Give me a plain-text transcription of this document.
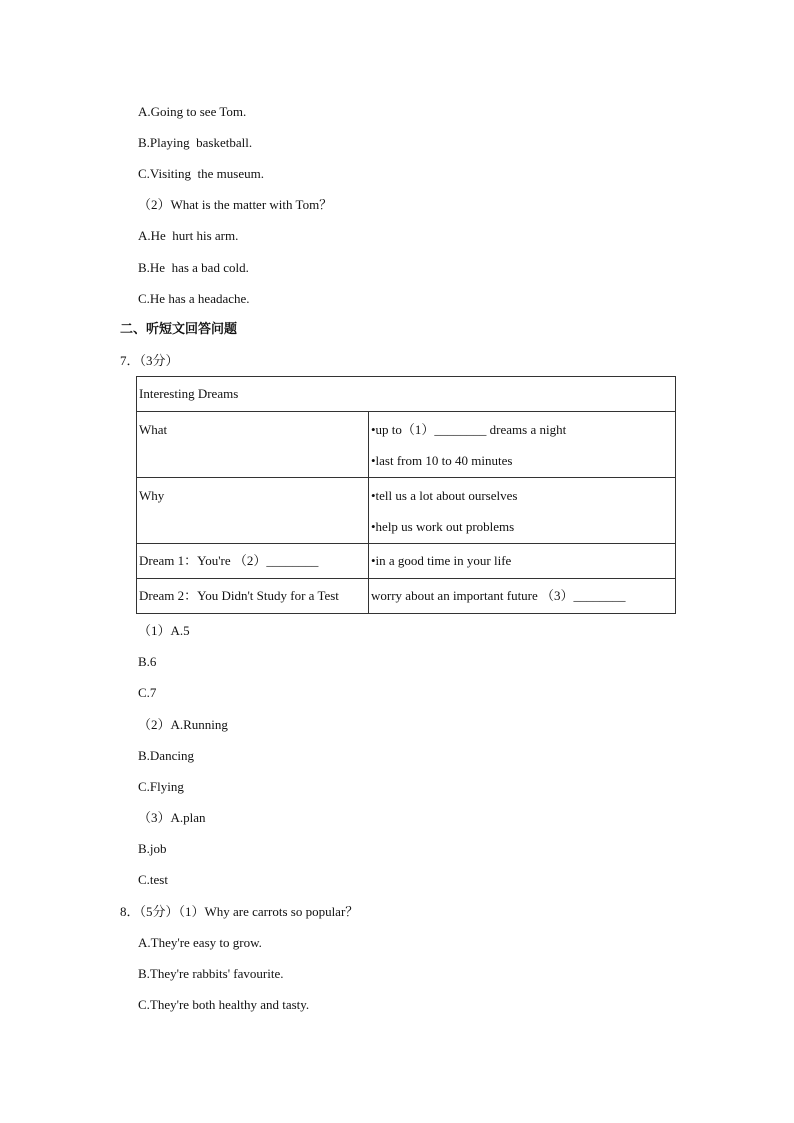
A.Going to see Tom.
B.Playing  basketball.
C.Visiting  the museum.
（2）What is the matter with Tom？
A.He  hurt his arm.
B.He  has a bad cold.
C.He has a headache.
二、听短文回答问题
7．（3分）
Interesting Dreams	
What	•up to（1）________ dreams a night
•last from 10 to 40 minutes

Why	•tell us a lot about ourselves
•help us work out problems

Dream 1：You're （2）________	•in a good time in your life

Dream 2：You Didn't Study for a Test	worry about an important future （3）________
（1）A.5
B.6
C.7
（2）A.Running
B.Dancing
C.Flying
（3）A.plan
B.job
C.test
8．（5分）（1）Why are carrots so popular？
A.They're easy to grow.
B.They're rabbits' favourite.
C.They're both healthy and tasty.
